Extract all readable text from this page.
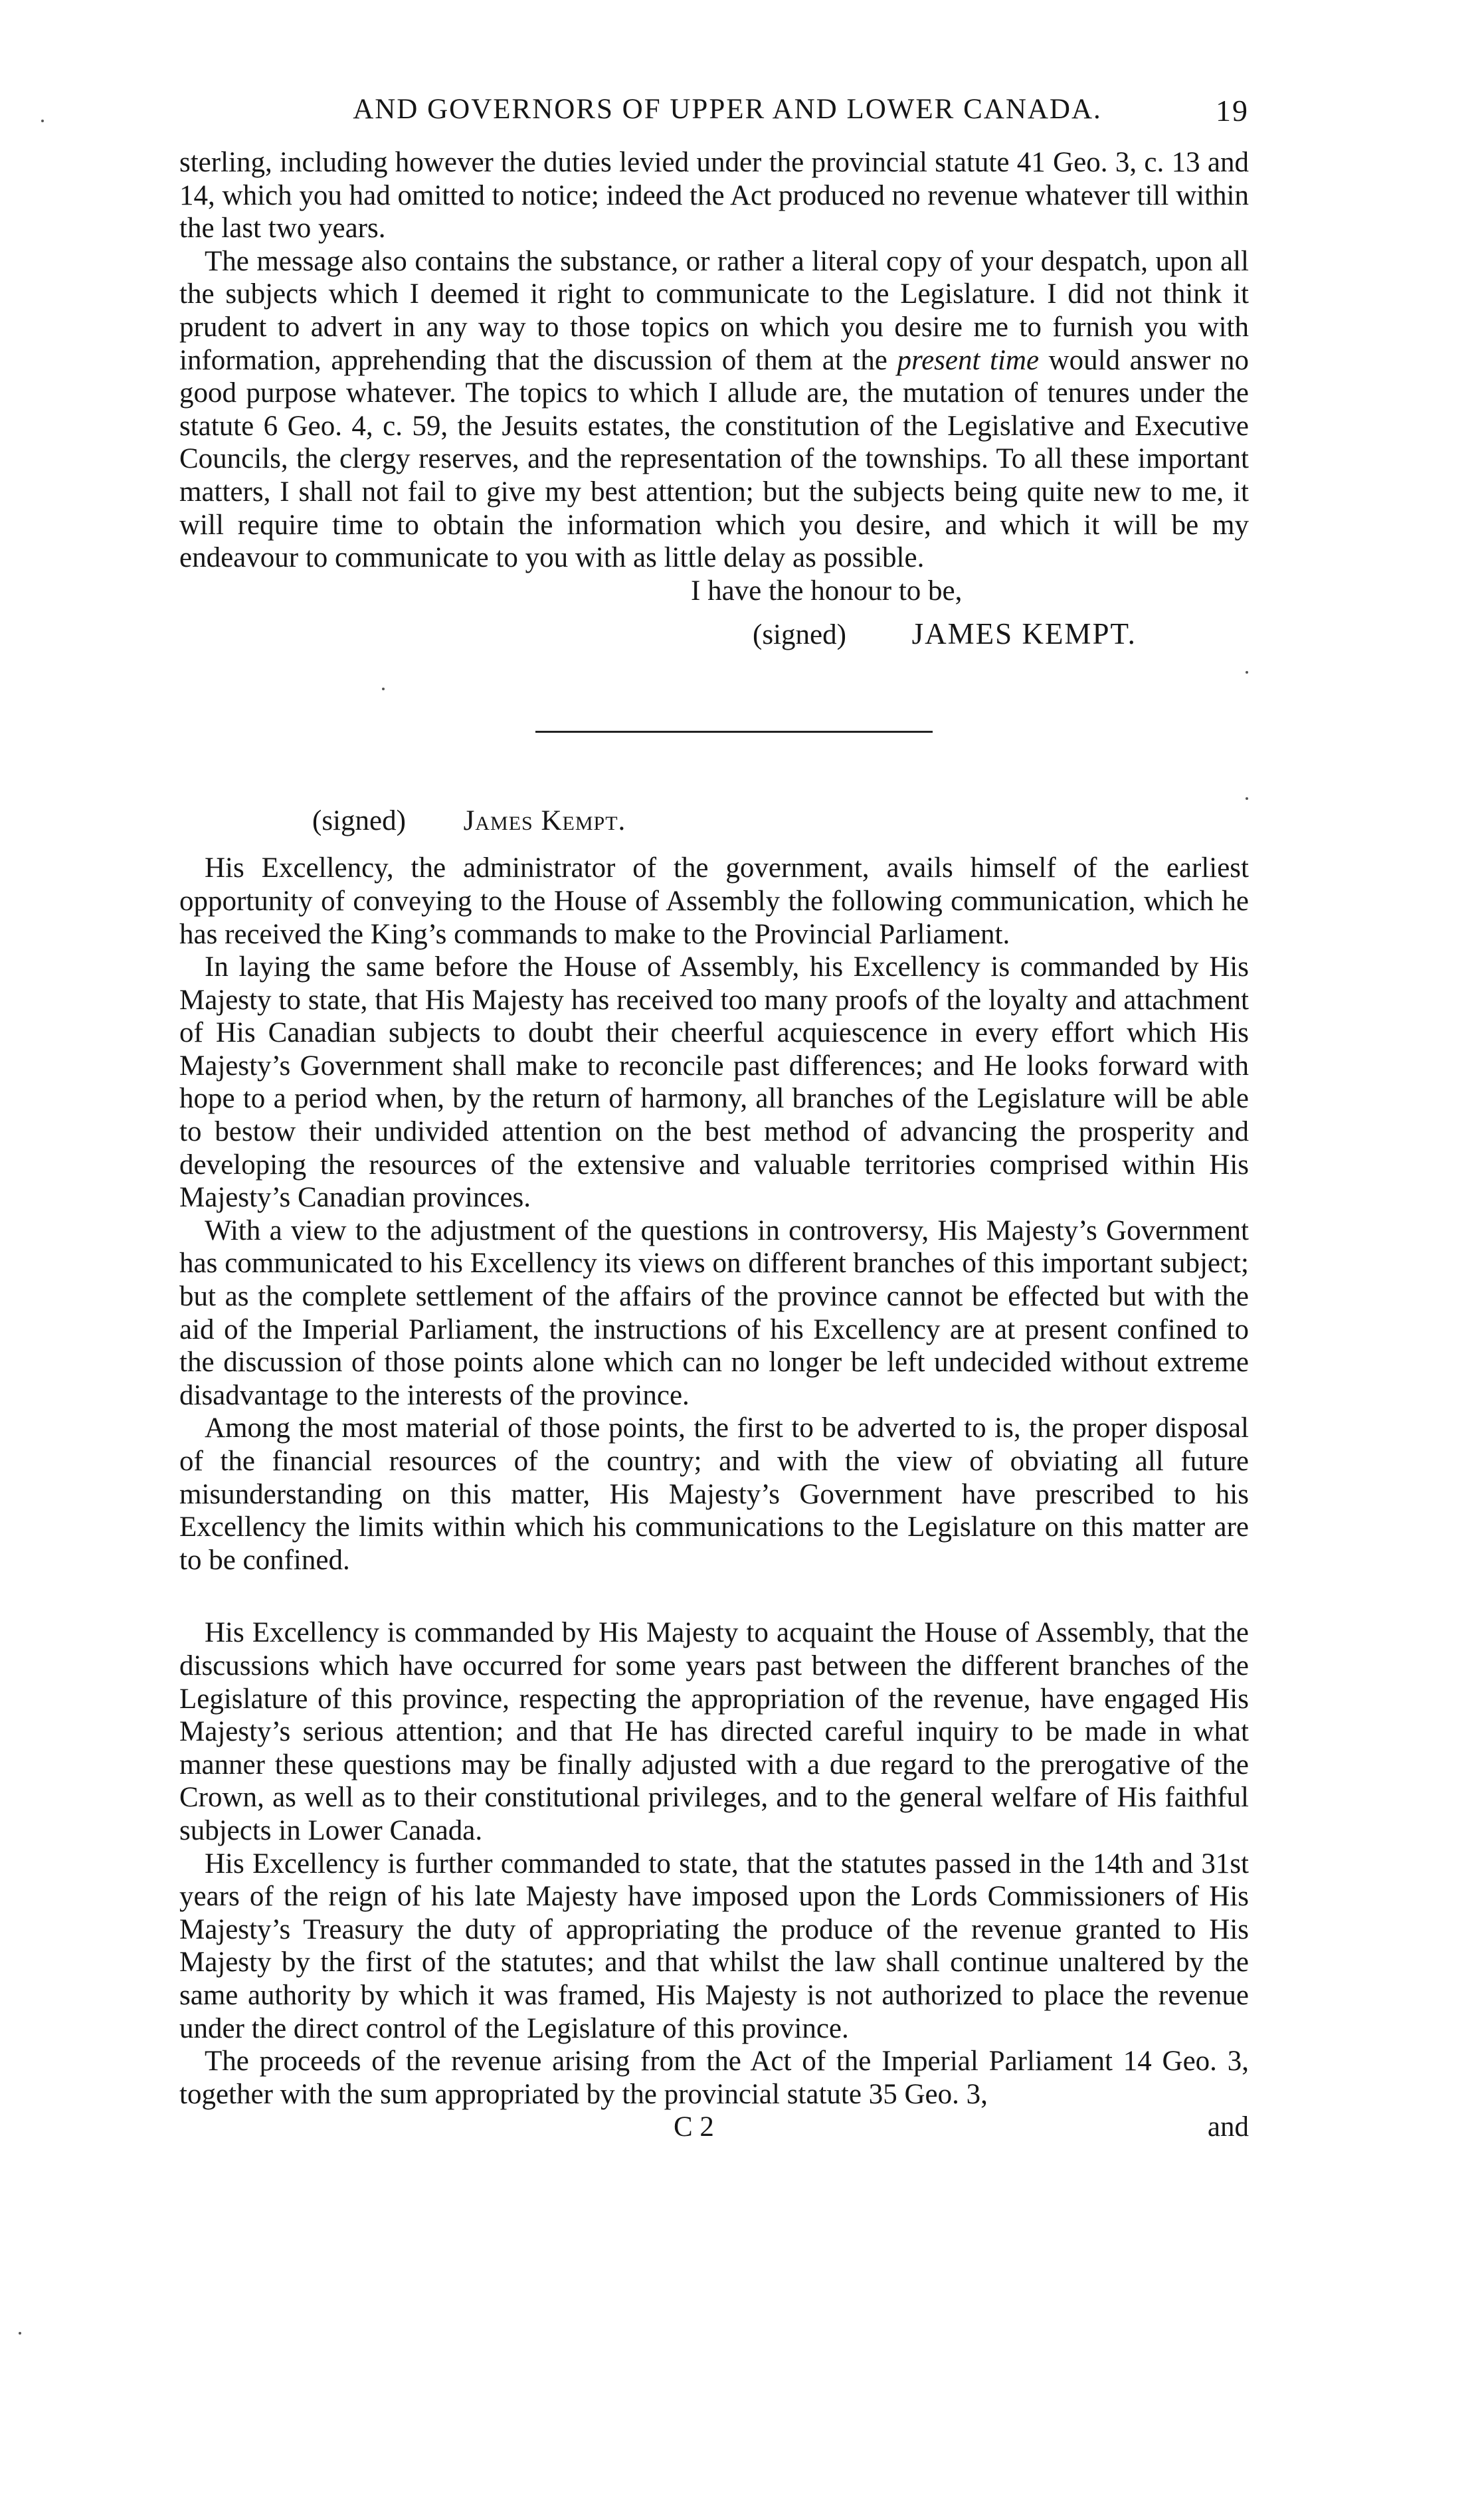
AND GOVERNORS OF UPPER AND LOWER CANADA.	19

sterling, including however the duties levied under the provincial statute 41 Geo. 3, c. 13 and 14, which you had omitted to notice; indeed the Act produced no revenue whatever till within the last two years.

The message also contains the substance, or rather a literal copy of your despatch, upon all the subjects which I deemed it right to communicate to the Legislature. I did not think it prudent to advert in any way to those topics on which you desire me to furnish you with information, apprehending that the discussion of them at the present time would answer no good purpose whatever. The topics to which I allude are, the mutation of tenures under the statute 6 Geo. 4, c. 59, the Jesuits estates, the constitution of the Legislative and Executive Councils, the clergy reserves, and the representation of the townships. To all these important matters, I shall not fail to give my best attention; but the subjects being quite new to me, it will require time to obtain the information which you desire, and which it will be my endeavour to communicate to you with as little delay as possible.

I have the honour to be,
(signed) JAMES KEMPT.
(signed) James Kempt.

His Excellency, the administrator of the government, avails himself of the earliest opportunity of conveying to the House of Assembly the following communication, which he has received the King’s commands to make to the Provincial Parliament.

In laying the same before the House of Assembly, his Excellency is commanded by His Majesty to state, that His Majesty has received too many proofs of the loyalty and attachment of His Canadian subjects to doubt their cheerful acquiescence in every effort which His Majesty’s Government shall make to reconcile past differences; and He looks forward with hope to a period when, by the return of harmony, all branches of the Legislature will be able to bestow their undivided attention on the best method of advancing the prosperity and developing the resources of the extensive and valuable territories comprised within His Majesty’s Canadian provinces.

With a view to the adjustment of the questions in controversy, His Majesty’s Government has communicated to his Excellency its views on different branches of this important subject; but as the complete settlement of the affairs of the province cannot be effected but with the aid of the Imperial Parliament, the instructions of his Excellency are at present confined to the discussion of those points alone which can no longer be left undecided without extreme disadvantage to the interests of the province.

Among the most material of those points, the first to be adverted to is, the proper disposal of the financial resources of the country; and with the view of obviating all future misunderstanding on this matter, His Majesty’s Government have prescribed to his Excellency the limits within which his communications to the Legislature on this matter are to be confined.

His Excellency is commanded by His Majesty to acquaint the House of Assembly, that the discussions which have occurred for some years past between the different branches of the Legislature of this province, respecting the appropriation of the revenue, have engaged His Majesty’s serious attention; and that He has directed careful inquiry to be made in what manner these questions may be finally adjusted with a due regard to the prerogative of the Crown, as well as to their constitutional privileges, and to the general welfare of His faithful subjects in Lower Canada.

His Excellency is further commanded to state, that the statutes passed in the 14th and 31st years of the reign of his late Majesty have imposed upon the Lords Commissioners of His Majesty’s Treasury the duty of appropriating the produce of the revenue granted to His Majesty by the first of the statutes; and that whilst the law shall continue unaltered by the same authority by which it was framed, His Majesty is not authorized to place the revenue under the direct control of the Legislature of this province.

The proceeds of the revenue arising from the Act of the Imperial Parliament 14 Geo. 3, together with the sum appropriated by the provincial statute 35 Geo. 3,

C 2	and
